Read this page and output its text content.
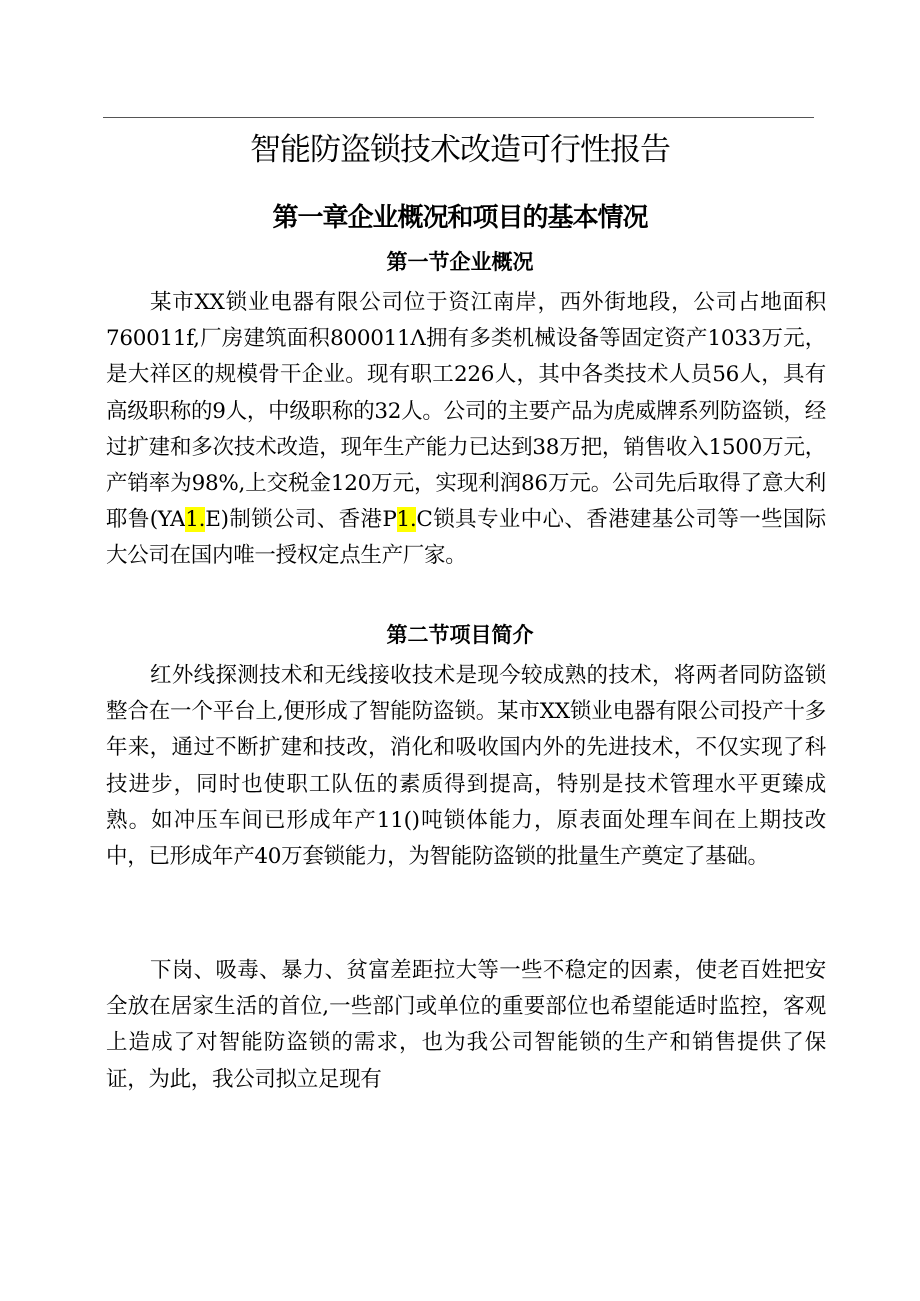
智能防盗锁技术改造可行性报告
第一章企业概况和项目的基本情况
第一节企业概况

某市XX锁业电器有限公司位于资江南岸，西外街地段，公司占地面积760011f,厂房建筑面积800011Λ拥有多类机械设备等固定资产1033万元，是大祥区的规模骨干企业。现有职工226人，其中各类技术人员56人，具有高级职称的9人，中级职称的32人。公司的主要产品为虎威牌系列防盗锁，经过扩建和多次技术改造，现年生产能力已达到38万把，销售收入1500万元，产销率为98%,上交税金120万元，实现利润86万元。公司先后取得了意大利耶鲁(YA1.E)制锁公司、香港P1.C锁具专业中心、香港建基公司等一些国际大公司在国内唯一授权定点生产厂家。

第二节项目简介

红外线探测技术和无线接收技术是现今较成熟的技术，将两者同防盗锁整合在一个平台上,便形成了智能防盗锁。某市XX锁业电器有限公司投产十多年来，通过不断扩建和技改，消化和吸收国内外的先进技术，不仅实现了科技进步，同时也使职工队伍的素质得到提高，特别是技术管理水平更臻成熟。如冲压车间已形成年产11()吨锁体能力，原表面处理车间在上期技改中，已形成年产40万套锁能力，为智能防盗锁的批量生产奠定了基础。

下岗、吸毒、暴力、贫富差距拉大等一些不稳定的因素，使老百姓把安全放在居家生活的首位,一些部门或单位的重要部位也希望能适时监控，客观上造成了对智能防盗锁的需求，也为我公司智能锁的生产和销售提供了保证，为此，我公司拟立足现有
